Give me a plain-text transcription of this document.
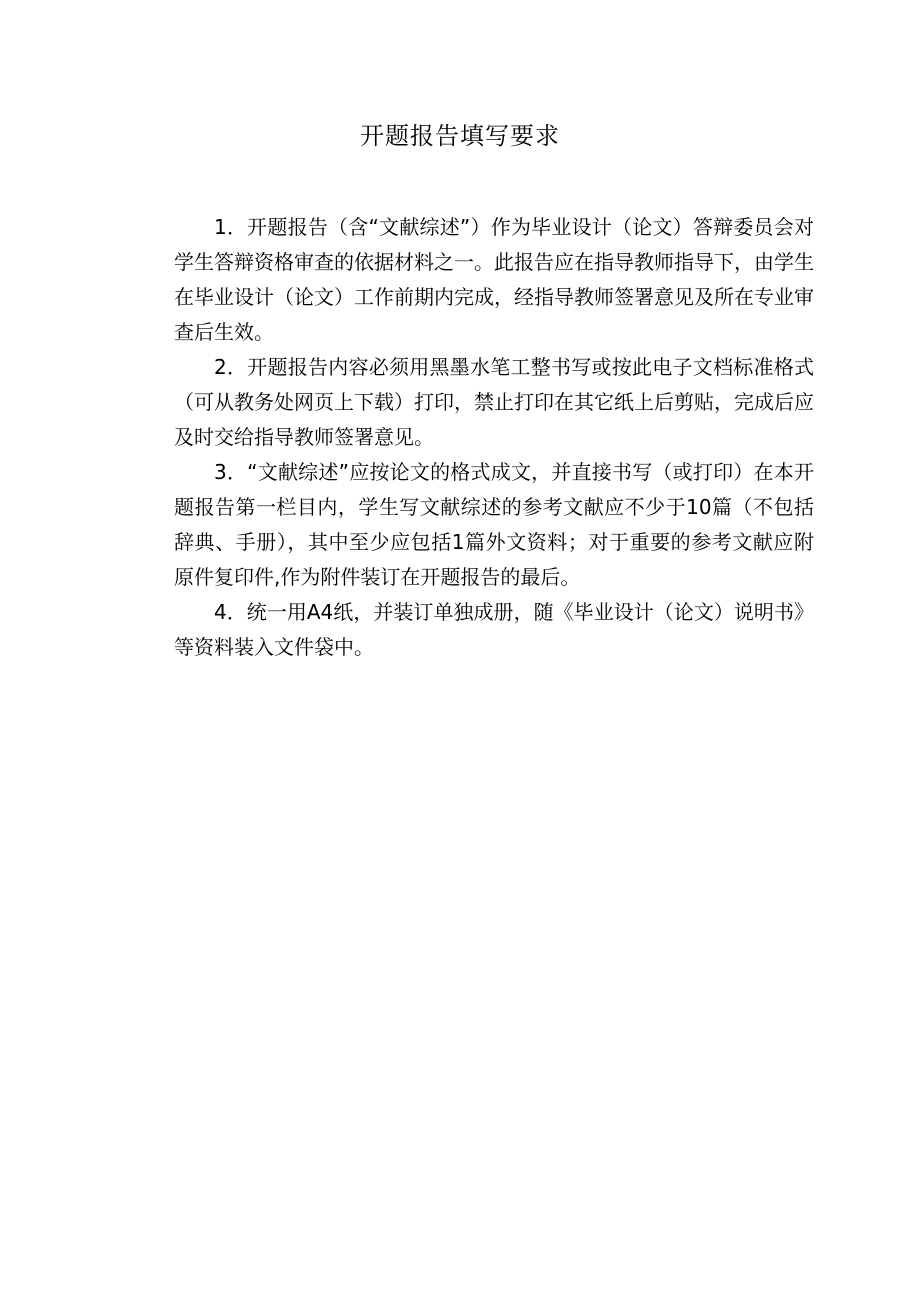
开题报告填写要求

1．开题报告（含“文献综述”）作为毕业设计（论文）答辩委员会对学生答辩资格审查的依据材料之一。此报告应在指导教师指导下，由学生在毕业设计（论文）工作前期内完成，经指导教师签署意见及所在专业审查后生效。

2．开题报告内容必须用黑墨水笔工整书写或按此电子文档标准格式（可从教务处网页上下载）打印，禁止打印在其它纸上后剪贴，完成后应及时交给指导教师签署意见。

3．“文献综述”应按论文的格式成文，并直接书写（或打印）在本开题报告第一栏目内，学生写文献综述的参考文献应不少于10篇（不包括辞典、手册），其中至少应包括1篇外文资料；对于重要的参考文献应附原件复印件,作为附件装订在开题报告的最后。

4．统一用A4纸，并装订单独成册，随《毕业设计（论文）说明书》等资料装入文件袋中。
